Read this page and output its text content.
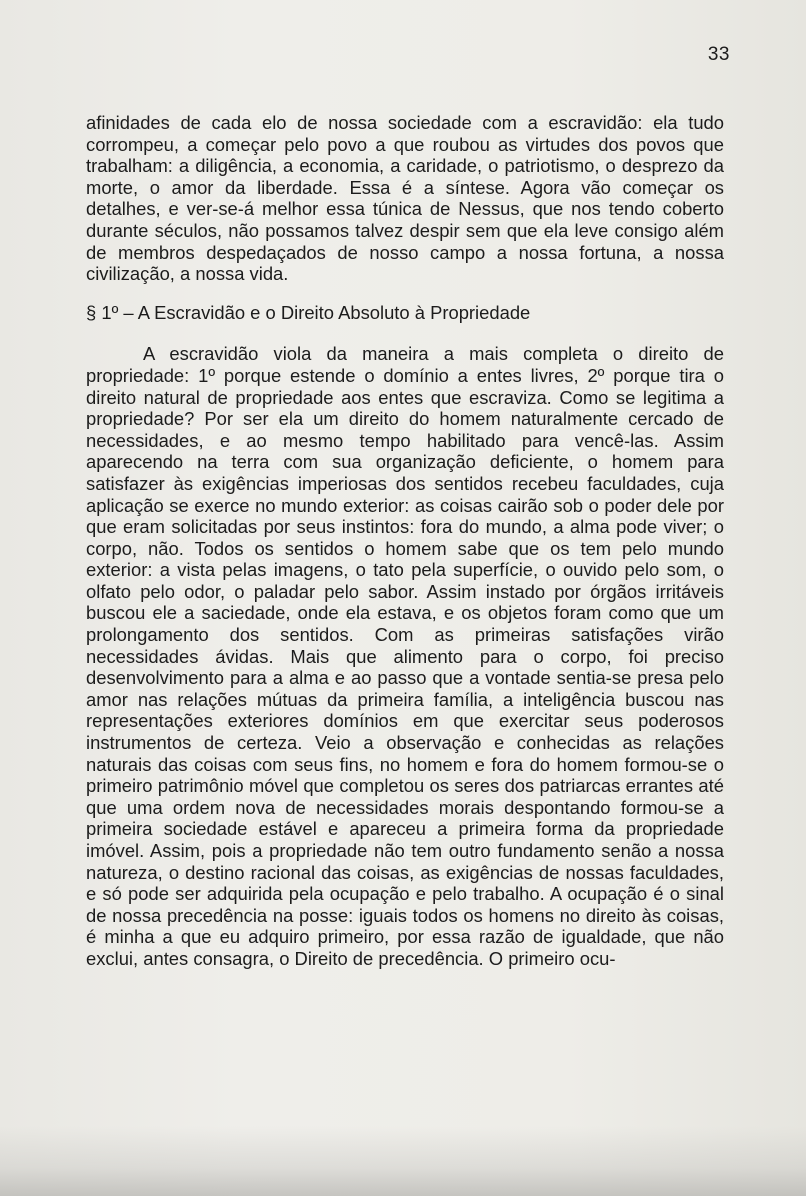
33

afinidades de cada elo de nossa sociedade com a escravidão: ela tudo corrompeu, a começar pelo povo a que roubou as virtudes dos povos que trabalham: a diligência, a economia, a caridade, o patriotismo, o desprezo da morte, o amor da liberdade. Essa é a síntese. Agora vão começar os detalhes, e ver-se-á melhor essa túnica de Nessus, que nos tendo coberto durante séculos, não possamos talvez despir sem que ela leve consigo além de membros despedaçados de nosso campo a nossa fortuna, a nossa civilização, a nossa vida.

§ 1º – A Escravidão e o Direito Absoluto à Propriedade

A escravidão viola da maneira a mais completa o direito de propriedade: 1º porque estende o domínio a entes livres, 2º porque tira o direito natural de propriedade aos entes que escraviza. Como se legitima a propriedade? Por ser ela um direito do homem naturalmente cercado de necessidades, e ao mesmo tempo habilitado para vencê-las. Assim aparecendo na terra com sua organização deficiente, o homem para satisfazer às exigências imperiosas dos sentidos recebeu faculdades, cuja aplicação se exerce no mundo exterior: as coisas cairão sob o poder dele por que eram solicitadas por seus instintos: fora do mundo, a alma pode viver; o corpo, não. Todos os sentidos o homem sabe que os tem pelo mundo exterior: a vista pelas imagens, o tato pela superfície, o ouvido pelo som, o olfato pelo odor, o paladar pelo sabor. Assim instado por órgãos irritáveis buscou ele a saciedade, onde ela estava, e os objetos foram como que um prolongamento dos sentidos. Com as primeiras satisfações virão necessidades ávidas. Mais que alimento para o corpo, foi preciso desenvolvimento para a alma e ao passo que a vontade sentia-se presa pelo amor nas relações mútuas da primeira família, a inteligência buscou nas representações exteriores domínios em que exercitar seus poderosos instrumentos de certeza. Veio a observação e conhecidas as relações naturais das coisas com seus fins, no homem e fora do homem formou-se o primeiro patrimônio móvel que completou os seres dos patriarcas errantes até que uma ordem nova de necessidades morais despontando formou-se a primeira sociedade estável e apareceu a primeira forma da propriedade imóvel. Assim, pois a propriedade não tem outro fundamento senão a nossa natureza, o destino racional das coisas, as exigências de nossas faculdades, e só pode ser adquirida pela ocupação e pelo trabalho. A ocupação é o sinal de nossa precedência na posse: iguais todos os homens no direito às coisas, é minha a que eu adquiro primeiro, por essa razão de igualdade, que não exclui, antes consagra, o Direito de precedência. O primeiro ocu-
